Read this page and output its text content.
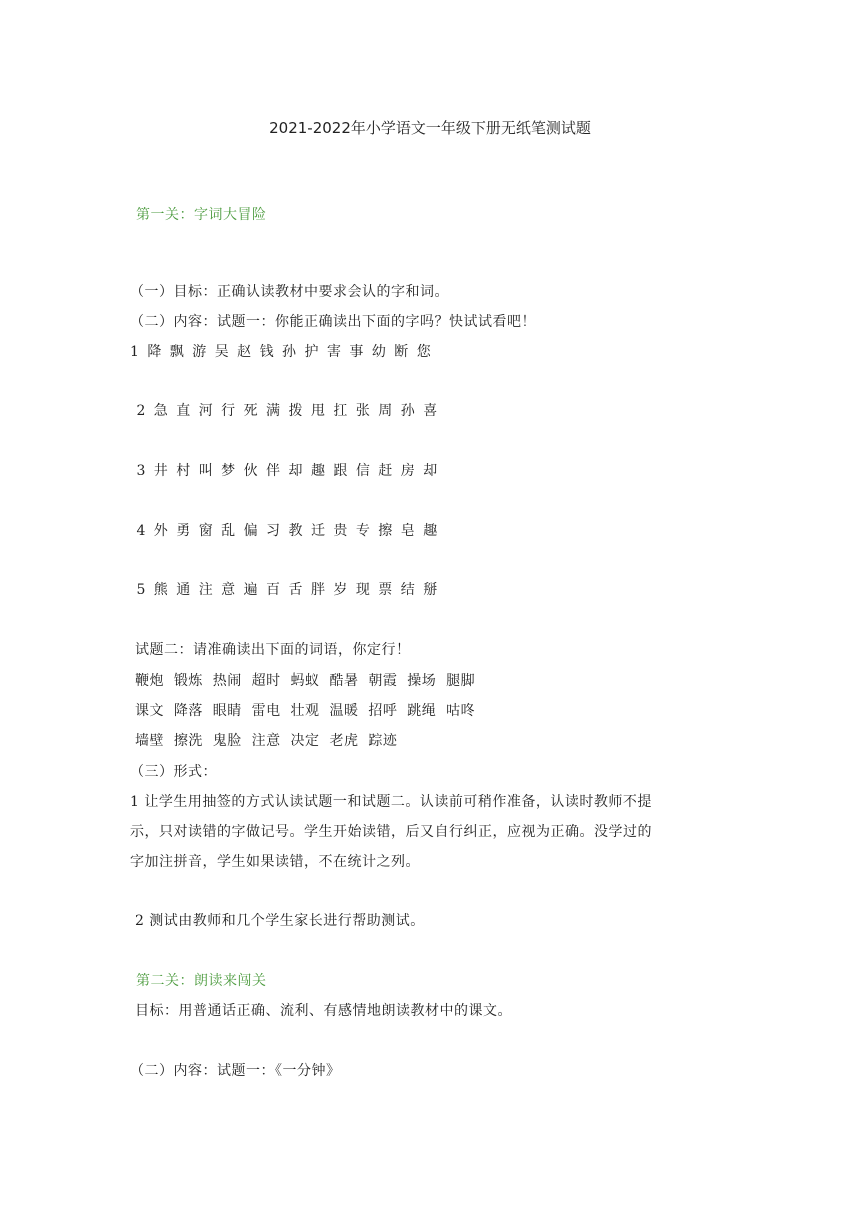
2021-2022年小学语文一年级下册无纸笔测试题
第一关：字词大冒险
（一）目标：正确认读教材中要求会认的字和词。
（二）内容：试题一：你能正确读出下面的字吗？快试试看吧！
1 降 飘 游 吴 赵 钱 孙 护 害 事 幼 断 您
2 急 直 河 行 死 满 拨 甩 扛 张 周 孙 喜
3 井 村 叫 梦 伙 伴 却 趣 跟 信 赶 房 却
4 外 勇 窗 乱 偏 习 教 迁 贵 专 擦 皂 趣
5 熊 通 注 意 遍 百 舌 胖 岁 现 票 结 掰
试题二：请准确读出下面的词语，你定行！
鞭炮  锻炼  热闹  超时  蚂蚁  酷暑  朝霞  操场  腿脚
课文  降落  眼睛  雷电  壮观  温暖  招呼  跳绳  咕咚
墙壁  擦洗  鬼脸  注意  决定  老虎  踪迹
（三）形式：
1 让学生用抽签的方式认读试题一和试题二。认读前可稍作准备，认读时教师不提
示，只对读错的字做记号。学生开始读错，后又自行纠正，应视为正确。没学过的
字加注拼音，学生如果读错，不在统计之列。
2 测试由教师和几个学生家长进行帮助测试。
第二关：朗读来闯关
目标：用普通话正确、流利、有感情地朗读教材中的课文。
（二）内容：试题一：《一分钟》
